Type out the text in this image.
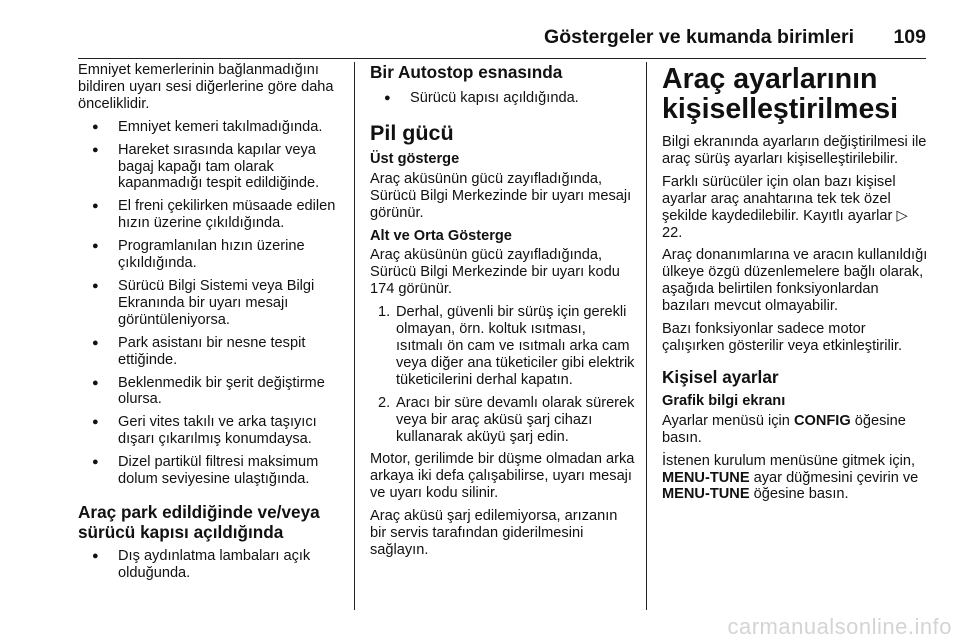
Göstergeler ve kumanda birimleri 109

Emniyet kemerlerinin bağlanmadığını bildiren uyarı sesi diğerlerine göre daha önceliklidir.

● Emniyet kemeri takılmadığında.
● Hareket sırasında kapılar veya bagaj kapağı tam olarak kapanmadığı tespit edildiğinde.
● El freni çekilirken müsaade edilen hızın üzerine çıkıldığında.
● Programlanılan hızın üzerine çıkıldığında.
● Sürücü Bilgi Sistemi veya Bilgi Ekranında bir uyarı mesajı görüntüleniyorsa.
● Park asistanı bir nesne tespit ettiğinde.
● Beklenmedik bir şerit değiştirme olursa.
● Geri vites takılı ve arka taşıyıcı dışarı çıkarılmış konumdaysa.
● Dizel partikül filtresi maksimum dolum seviyesine ulaştığında.
Araç park edildiğinde ve/veya sürücü kapısı açıldığında
● Dış aydınlatma lambaları açık olduğunda.
Bir Autostop esnasında
● Sürücü kapısı açıldığında.
Pil gücü
Üst gösterge

Araç aküsünün gücü zayıfladığında, Sürücü Bilgi Merkezinde bir uyarı mesajı görünür.

Alt ve Orta Gösterge

Araç aküsünün gücü zayıfladığında, Sürücü Bilgi Merkezinde bir uyarı kodu 174 görünür.

1. Derhal, güvenli bir sürüş için gerekli olmayan, örn. koltuk ısıtması, ısıtmalı ön cam ve ısıtmalı arka cam veya diğer ana tüketiciler gibi elektrik tüketicilerini derhal kapatın.
2. Aracı bir süre devamlı olarak sürerek veya bir araç aküsü şarj cihazı kullanarak aküyü şarj edin.

Motor, gerilimde bir düşme olmadan arka arkaya iki defa çalışabilirse, uyarı mesajı ve uyarı kodu silinir.

Araç aküsü şarj edilemiyorsa, arızanın bir servis tarafından giderilmesini sağlayın.

Araç ayarlarının kişiselleştirilmesi

Bilgi ekranında ayarların değiştirilmesi ile araç sürüş ayarları kişiselleştirilebilir.

Farklı sürücüler için olan bazı kişisel ayarlar araç anahtarına tek tek özel şekilde kaydedilebilir. Kayıtlı ayarlar ▷ 22.

Araç donanımlarına ve aracın kullanıldığı ülkeye özgü düzenlemelere bağlı olarak, aşağıda belirtilen fonksiyonlardan bazıları mevcut olmayabilir.

Bazı fonksiyonlar sadece motor çalışırken gösterilir veya etkinleştirilir.

Kişisel ayarlar
Grafik bilgi ekranı

Ayarlar menüsü için CONFIG öğesine basın.

İstenen kurulum menüsüne gitmek için, MENU-TUNE ayar düğmesini çevirin ve MENU-TUNE öğesine basın.

carmanualsonline.info
